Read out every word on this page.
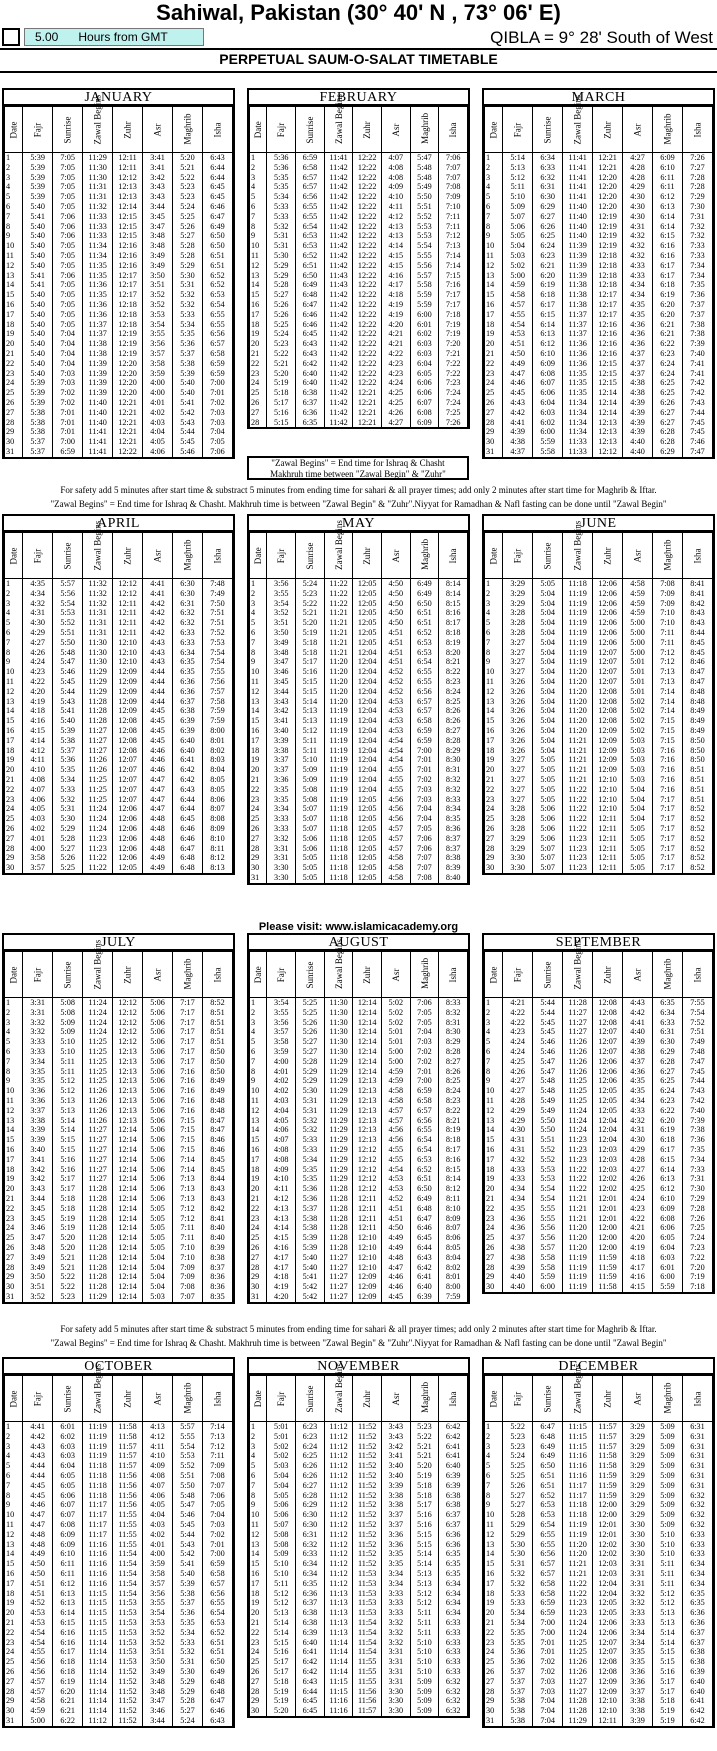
Sahiwal, Pakistan (30° 40' N , 73° 06' E)
5.00 Hours from GMT	QIBLA = 9° 28' South of West
PERPETUAL SAUM-O-SALAT TIMETABLE
JANUARY
Date	Fajr	Sunrise	Zawal Begins	Zuhr	Asr	Maghrib	Isha

1	5:39	7:05	11:29	12:11	3:41	5:20	6:43
2	5:39	7:05	11:30	12:11	3:41	5:21	6:44
3	5:39	7:05	11:30	12:12	3:42	5:22	6:44
4	5:39	7:05	11:31	12:13	3:43	5:23	6:45
5	5:39	7:05	11:31	12:13	3:43	5:23	6:45
6	5:40	7:05	11:32	12:14	3:44	5:24	6:46
7	5:41	7:06	11:33	12:15	3:45	5:25	6:47
8	5:40	7:06	11:33	12:15	3:47	5:26	6:49
9	5:40	7:06	11:33	12:15	3:48	5:27	6:50
10	5:40	7:05	11:34	12:16	3:48	5:28	6:50
11	5:40	7:05	11:34	12:16	3:49	5:28	6:51
12	5:40	7:05	11:35	12:16	3:49	5:29	6:51
13	5:41	7:06	11:35	12:17	3:50	5:30	6:52
14	5:41	7:05	11:36	12:17	3:51	5:31	6:52
15	5:40	7:05	11:35	12:17	3:52	5:32	6:53
16	5:40	7:05	11:36	12:18	3:52	5:32	6:54
17	5:40	7:05	11:36	12:18	3:53	5:33	6:55
18	5:40	7:05	11:37	12:18	3:54	5:34	6:55
19	5:40	7:04	11:37	12:19	3:55	5:35	6:56
20	5:40	7:04	11:38	12:19	3:56	5:36	6:57
21	5:40	7:04	11:38	12:19	3:57	5:37	6:58
22	5:40	7:04	11:39	12:20	3:58	5:38	6:59
23	5:40	7:03	11:39	12:20	3:59	5:39	6:59
24	5:39	7:03	11:39	12:20	4:00	5:40	7:00
25	5:39	7:02	11:39	12:20	4:00	5:40	7:01
26	5:39	7:02	11:40	12:21	4:01	5:41	7:02
27	5:38	7:01	11:40	12:21	4:02	5:42	7:03
28	5:38	7:01	11:40	12:21	4:03	5:43	7:03
29	5:38	7:01	11:41	12:21	4:04	5:44	7:04
30	5:37	7:00	11:41	12:21	4:05	5:45	7:05
31	5:37	6:59	11:41	12:22	4:06	5:46	7:06
FEBRUARY
Date	Fajr	Sunrise	Zawal Begins	Zuhr	Asr	Maghrib	Isha

1	5:36	6:59	11:41	12:22	4:07	5:47	7:06
2	5:36	6:58	11:42	12:22	4:08	5:48	7:07
3	5:35	6:57	11:42	12:22	4:08	5:48	7:07
4	5:35	6:57	11:42	12:22	4:09	5:49	7:08
5	5:34	6:56	11:42	12:22	4:10	5:50	7:09
6	5:33	6:55	11:42	12:22	4:11	5:51	7:10
7	5:33	6:55	11:42	12:22	4:12	5:52	7:11
8	5:32	6:54	11:42	12:22	4:13	5:53	7:11
9	5:31	6:53	11:42	12:22	4:13	5:53	7:12
10	5:31	6:53	11:42	12:22	4:14	5:54	7:13
11	5:30	6:52	11:42	12:22	4:15	5:55	7:14
12	5:29	6:51	11:42	12:22	4:15	5:56	7:14
13	5:29	6:50	11:43	12:22	4:16	5:57	7:15
14	5:28	6:49	11:43	12:22	4:17	5:58	7:16
15	5:27	6:48	11:42	12:22	4:18	5:59	7:17
16	5:26	6:47	11:42	12:22	4:19	5:59	7:17
17	5:26	6:46	11:42	12:22	4:19	6:00	7:18
18	5:25	6:46	11:42	12:22	4:20	6:01	7:19
19	5:24	6:45	11:42	12:22	4:21	6:02	7:19
20	5:23	6:43	11:42	12:22	4:21	6:03	7:20
21	5:22	6:43	11:42	12:22	4:22	6:03	7:21
22	5:21	6:42	11:42	12:22	4:23	6:04	7:22
23	5:20	6:40	11:42	12:22	4:23	6:05	7:22
24	5:19	6:40	11:42	12:22	4:24	6:06	7:23
25	5:18	6:38	11:42	12:21	4:25	6:06	7:24
26	5:17	6:37	11:42	12:21	4:25	6:07	7:24
27	5:16	6:36	11:42	12:21	4:26	6:08	7:25
28	5:15	6:35	11:42	12:21	4:27	6:09	7:26
MARCH
Date	Fajr	Sunrise	Zawal Begins	Zuhr	Asr	Maghrib	Isha

1	5:14	6:34	11:41	12:21	4:27	6:09	7:26
2	5:13	6:33	11:41	12:21	4:28	6:10	7:27
3	5:12	6:32	11:41	12:20	4:28	6:11	7:28
4	5:11	6:31	11:41	12:20	4:29	6:11	7:28
5	5:10	6:30	11:41	12:20	4:30	6:12	7:29
6	5:09	6:29	11:40	12:20	4:30	6:13	7:30
7	5:07	6:27	11:40	12:19	4:30	6:14	7:31
8	5:06	6:26	11:40	12:19	4:31	6:14	7:32
9	5:05	6:25	11:40	12:19	4:32	6:15	7:32
10	5:04	6:24	11:39	12:19	4:32	6:16	7:33
11	5:03	6:23	11:39	12:18	4:32	6:16	7:33
12	5:02	6:21	11:39	12:18	4:33	6:17	7:34
13	5:00	6:20	11:39	12:18	4:33	6:17	7:34
14	4:59	6:19	11:38	12:18	4:34	6:18	7:35
15	4:58	6:18	11:38	12:17	4:34	6:19	7:36
16	4:57	6:17	11:38	12:17	4:35	6:20	7:37
17	4:55	6:15	11:37	12:17	4:35	6:20	7:37
18	4:54	6:14	11:37	12:16	4:36	6:21	7:38
19	4:53	6:13	11:37	12:16	4:36	6:21	7:38
20	4:51	6:12	11:36	12:16	4:36	6:22	7:39
21	4:50	6:10	11:36	12:16	4:37	6:23	7:40
22	4:49	6:09	11:36	12:15	4:37	6:24	7:41
23	4:47	6:08	11:35	12:15	4:37	6:24	7:41
24	4:46	6:07	11:35	12:15	4:38	6:25	7:42
25	4:45	6:06	11:35	12:14	4:38	6:25	7:42
26	4:43	6:04	11:34	12:14	4:39	6:26	7:43
27	4:42	6:03	11:34	12:14	4:39	6:27	7:44
28	4:41	6:02	11:34	12:13	4:39	6:27	7:45
29	4:39	6:00	11:34	12:13	4:39	6:28	7:45
30	4:38	5:59	11:33	12:13	4:40	6:28	7:46
31	4:37	5:58	11:33	12:12	4:40	6:29	7:47
APRIL
Date	Fajr	Sunrise	Zawal Begins	Zuhr	Asr	Maghrib	Isha

1	4:35	5:57	11:32	12:12	4:41	6:30	7:48
2	4:34	5:56	11:32	12:12	4:41	6:30	7:49
3	4:32	5:54	11:32	12:11	4:42	6:31	7:50
4	4:31	5:53	11:31	12:11	4:42	6:32	7:51
5	4:30	5:52	11:31	12:11	4:42	6:32	7:51
6	4:29	5:51	11:31	12:11	4:42	6:33	7:52
7	4:27	5:50	11:30	12:10	4:43	6:33	7:53
8	4:26	5:48	11:30	12:10	4:43	6:34	7:54
9	4:24	5:47	11:30	12:10	4:43	6:35	7:54
10	4:23	5:46	11:29	12:09	4:44	6:35	7:55
11	4:22	5:45	11:29	12:09	4:44	6:36	7:56
12	4:20	5:44	11:29	12:09	4:44	6:36	7:57
13	4:19	5:43	11:28	12:09	4:44	6:37	7:58
14	4:18	5:41	11:28	12:09	4:45	6:38	7:59
15	4:16	5:40	11:28	12:08	4:45	6:39	7:59
16	4:15	5:39	11:27	12:08	4:45	6:39	8:00
17	4:14	5:38	11:27	12:08	4:45	6:40	8:01
18	4:12	5:37	11:27	12:08	4:46	6:40	8:02
19	4:11	5:36	11:26	12:07	4:46	6:41	8:03
20	4:10	5:35	11:26	12:07	4:46	6:42	8:04
21	4:08	5:34	11:25	12:07	4:47	6:42	8:05
22	4:07	5:33	11:25	12:07	4:47	6:43	8:05
23	4:06	5:32	11:25	12:07	4:47	6:44	8:06
24	4:05	5:31	11:24	12:06	4:47	6:44	8:07
25	4:03	5:30	11:24	12:06	4:48	6:45	8:08
26	4:02	5:29	11:24	12:06	4:48	6:46	8:09
27	4:01	5:28	11:23	12:06	4:48	6:46	8:10
28	4:00	5:27	11:23	12:06	4:48	6:47	8:11
29	3:58	5:26	11:22	12:06	4:49	6:48	8:12
30	3:57	5:25	11:22	12:05	4:49	6:48	8:13
MAY
Date	Fajr	Sunrise	Zawal Begins	Zuhr	Asr	Maghrib	Isha

1	3:56	5:24	11:22	12:05	4:50	6:49	8:14
2	3:55	5:23	11:22	12:05	4:50	6:49	8:14
3	3:54	5:22	11:22	12:05	4:50	6:50	8:15
4	3:52	5:21	11:21	12:05	4:50	6:51	8:16
5	3:51	5:20	11:21	12:05	4:50	6:51	8:17
6	3:50	5:19	11:21	12:05	4:51	6:52	8:18
7	3:49	5:18	11:21	12:05	4:51	6:53	8:19
8	3:48	5:18	11:21	12:04	4:51	6:53	8:20
9	3:47	5:17	11:20	12:04	4:51	6:54	8:21
10	3:46	5:16	11:20	12:04	4:52	6:55	8:22
11	3:45	5:15	11:20	12:04	4:52	6:55	8:23
12	3:44	5:15	11:20	12:04	4:52	6:56	8:24
13	3:43	5:14	11:20	12:04	4:53	6:57	8:25
14	3:42	5:13	11:19	12:04	4:53	6:57	8:26
15	3:41	5:13	11:19	12:04	4:53	6:58	8:26
16	3:40	5:12	11:19	12:04	4:53	6:59	8:27
17	3:39	5:11	11:19	12:04	4:54	6:59	8:28
18	3:38	5:11	11:19	12:04	4:54	7:00	8:29
19	3:37	5:10	11:19	12:04	4:54	7:01	8:30
20	3:37	5:09	11:19	12:04	4:55	7:01	8:31
21	3:36	5:09	11:19	12:04	4:55	7:02	8:32
22	3:35	5:08	11:19	12:04	4:55	7:03	8:32
23	3:35	5:08	11:19	12:05	4:56	7:03	8:33
24	3:34	5:07	11:19	12:05	4:56	7:04	8:34
25	3:33	5:07	11:18	12:05	4:56	7:04	8:35
26	3:33	5:07	11:18	12:05	4:57	7:05	8:36
27	3:32	5:06	11:18	12:05	4:57	7:06	8:37
28	3:31	5:06	11:18	12:05	4:57	7:06	8:37
29	3:31	5:05	11:18	12:05	4:58	7:07	8:38
30	3:30	5:05	11:18	12:05	4:58	7:07	8:39
31	3:30	5:05	11:18	12:05	4:58	7:08	8:40
JUNE
Date	Fajr	Sunrise	Zawal Begins	Zuhr	Asr	Maghrib	Isha

1	3:29	5:05	11:18	12:06	4:58	7:08	8:41
2	3:29	5:04	11:19	12:06	4:59	7:09	8:41
3	3:29	5:04	11:19	12:06	4:59	7:09	8:42
4	3:28	5:04	11:19	12:06	4:59	7:10	8:43
5	3:28	5:04	11:19	12:06	5:00	7:10	8:43
6	3:28	5:04	11:19	12:06	5:00	7:11	8:44
7	3:27	5:04	11:19	12:06	5:00	7:11	8:45
8	3:27	5:04	11:19	12:07	5:00	7:12	8:45
9	3:27	5:04	11:19	12:07	5:01	7:12	8:46
10	3:27	5:04	11:20	12:07	5:01	7:13	8:47
11	3:26	5:04	11:20	12:07	5:01	7:13	8:47
12	3:26	5:04	11:20	12:08	5:01	7:14	8:48
13	3:26	5:04	11:20	12:08	5:02	7:14	8:48
14	3:26	5:04	11:20	12:08	5:02	7:14	8:49
15	3:26	5:04	11:20	12:08	5:02	7:15	8:49
16	3:26	5:04	11:20	12:09	5:02	7:15	8:49
17	3:26	5:04	11:21	12:09	5:03	7:15	8:50
18	3:26	5:04	11:21	12:09	5:03	7:16	8:50
19	3:27	5:05	11:21	12:09	5:03	7:16	8:50
20	3:27	5:05	11:21	12:09	5:03	7:16	8:51
21	3:27	5:05	11:21	12:10	5:03	7:16	8:51
22	3:27	5:05	11:22	12:10	5:04	7:16	8:51
23	3:27	5:05	11:22	12:10	5:04	7:17	8:51
24	3:28	5:06	11:22	12:10	5:04	7:17	8:52
25	3:28	5:06	11:22	12:11	5:04	7:17	8:52
26	3:28	5:06	11:22	12:11	5:05	7:17	8:52
27	3:29	5:06	11:23	12:11	5:05	7:17	8:52
28	3:29	5:07	11:23	12:11	5:05	7:17	8:52
29	3:30	5:07	11:23	12:11	5:05	7:17	8:52
30	3:30	5:07	11:23	12:11	5:05	7:17	8:52
JULY
Date	Fajr	Sunrise	Zawal Begins	Zuhr	Asr	Maghrib	Isha

1	3:31	5:08	11:24	12:12	5:06	7:17	8:52
2	3:31	5:08	11:24	12:12	5:06	7:17	8:51
3	3:32	5:09	11:24	12:12	5:06	7:17	8:51
4	3:32	5:09	11:24	12:12	5:06	7:17	8:51
5	3:33	5:10	11:25	12:12	5:06	7:17	8:51
6	3:33	5:10	11:25	12:13	5:06	7:17	8:50
7	3:34	5:11	11:25	12:13	5:06	7:17	8:50
8	3:35	5:11	11:25	12:13	5:06	7:16	8:50
9	3:35	5:12	11:25	12:13	5:06	7:16	8:49
10	3:36	5:12	11:26	12:13	5:06	7:16	8:49
11	3:36	5:13	11:26	12:13	5:06	7:16	8:48
12	3:37	5:13	11:26	12:13	5:06	7:16	8:48
13	3:38	5:14	11:26	12:13	5:06	7:15	8:47
14	3:39	5:14	11:27	12:14	5:06	7:15	8:47
15	3:39	5:15	11:27	12:14	5:06	7:15	8:46
16	3:40	5:15	11:27	12:14	5:06	7:15	8:46
17	3:41	5:16	11:27	12:14	5:06	7:14	8:45
18	3:42	5:16	11:27	12:14	5:06	7:14	8:45
19	3:42	5:17	11:27	12:14	5:06	7:13	8:44
20	3:43	5:17	11:28	12:14	5:06	7:13	8:43
21	3:44	5:18	11:28	12:14	5:06	7:13	8:43
22	3:45	5:18	11:28	12:14	5:05	7:12	8:42
23	3:45	5:19	11:28	12:14	5:05	7:12	8:41
24	3:46	5:19	11:28	12:14	5:05	7:11	8:40
25	3:47	5:20	11:28	12:14	5:05	7:11	8:40
26	3:48	5:20	11:28	12:14	5:05	7:10	8:39
27	3:49	5:21	11:28	12:14	5:04	7:10	8:38
28	3:49	5:21	11:28	12:14	5:04	7:09	8:37
29	3:50	5:22	11:28	12:14	5:04	7:09	8:36
30	3:51	5:22	11:28	12:14	5:04	7:08	8:36
31	3:52	5:23	11:29	12:14	5:03	7:07	8:35
AUGUST
Date	Fajr	Sunrise	Zawal Begins	Zuhr	Asr	Maghrib	Isha

1	3:54	5:25	11:30	12:14	5:02	7:06	8:33
2	3:55	5:25	11:30	12:14	5:02	7:05	8:32
3	3:56	5:26	11:30	12:14	5:02	7:05	8:31
4	3:57	5:26	11:30	12:14	5:01	7:04	8:30
5	3:58	5:27	11:30	12:14	5:01	7:03	8:29
6	3:59	5:27	11:30	12:14	5:00	7:02	8:28
7	4:00	5:28	11:29	12:14	5:00	7:02	8:27
8	4:01	5:29	11:29	12:14	4:59	7:01	8:26
9	4:02	5:29	11:29	12:13	4:59	7:00	8:25
10	4:02	5:30	11:29	12:13	4:58	6:59	8:24
11	4:03	5:31	11:29	12:13	4:58	6:58	8:23
12	4:04	5:31	11:29	12:13	4:57	6:57	8:22
13	4:05	5:32	11:29	12:13	4:57	6:56	8:21
14	4:06	5:32	11:29	12:13	4:56	6:55	8:19
15	4:07	5:33	11:29	12:13	4:56	6:54	8:18
16	4:08	5:33	11:29	12:12	4:55	6:54	8:17
17	4:08	5:34	11:29	12:12	4:55	6:53	8:16
18	4:09	5:35	11:29	12:12	4:54	6:52	8:15
19	4:10	5:35	11:29	12:12	4:53	6:51	8:14
20	4:11	5:36	11:28	12:12	4:53	6:50	8:12
21	4:12	5:36	11:28	12:11	4:52	6:49	8:11
22	4:13	5:37	11:28	12:11	4:51	6:48	8:10
23	4:13	5:38	11:28	12:11	4:51	6:47	8:09
24	4:14	5:38	11:28	12:11	4:50	6:46	8:07
25	4:15	5:39	11:28	12:10	4:49	6:45	8:06
26	4:16	5:39	11:28	12:10	4:49	6:44	8:05
27	4:17	5:40	11:27	12:10	4:48	6:43	8:04
28	4:17	5:40	11:27	12:10	4:47	6:42	8:02
29	4:18	5:41	11:27	12:09	4:46	6:41	8:01
30	4:19	5:42	11:27	12:09	4:46	6:40	8:00
31	4:20	5:42	11:27	12:09	4:45	6:39	7:59
SEPTEMBER
Date	Fajr	Sunrise	Zawal Begins	Zuhr	Asr	Maghrib	Isha

1	4:21	5:44	11:28	12:08	4:43	6:35	7:55
2	4:22	5:44	11:27	12:08	4:42	6:34	7:54
3	4:22	5:45	11:27	12:08	4:41	6:33	7:52
4	4:23	5:45	11:27	12:07	4:40	6:31	7:51
5	4:24	5:46	11:26	12:07	4:39	6:30	7:49
6	4:24	5:46	11:26	12:07	4:38	6:29	7:48
7	4:25	5:47	11:26	12:06	4:37	6:28	7:47
8	4:26	5:47	11:26	12:06	4:36	6:27	7:45
9	4:27	5:48	11:25	12:06	4:35	6:25	7:44
10	4:27	5:48	11:25	12:05	4:35	6:24	7:43
11	4:28	5:49	11:25	12:05	4:34	6:23	7:42
12	4:29	5:49	11:24	12:05	4:33	6:22	7:40
13	4:29	5:50	11:24	12:04	4:32	6:20	7:39
14	4:30	5:50	11:24	12:04	4:31	6:19	7:38
15	4:31	5:51	11:23	12:04	4:30	6:18	7:36
16	4:31	5:52	11:23	12:03	4:29	6:17	7:35
17	4:32	5:52	11:23	12:03	4:28	6:15	7:34
18	4:33	5:53	11:22	12:03	4:27	6:14	7:33
19	4:33	5:53	11:22	12:02	4:26	6:13	7:31
20	4:34	5:54	11:22	12:02	4:25	6:12	7:30
21	4:34	5:54	11:21	12:01	4:24	6:10	7:29
22	4:35	5:55	11:21	12:01	4:23	6:09	7:28
23	4:36	5:55	11:21	12:01	4:22	6:08	7:26
24	4:36	5:56	11:20	12:00	4:21	6:06	7:25
25	4:37	5:56	11:20	12:00	4:20	6:05	7:24
26	4:38	5:57	11:20	12:00	4:19	6:04	7:23
27	4:38	5:58	11:19	11:59	4:18	6:03	7:22
28	4:39	5:58	11:19	11:59	4:17	6:01	7:20
29	4:40	5:59	11:19	11:59	4:16	6:00	7:19
30	4:40	6:00	11:19	11:58	4:15	5:59	7:18
OCTOBER
Date	Fajr	Sunrise	Zawal Begins	Zuhr	Asr	Maghrib	Isha

1	4:41	6:01	11:19	11:58	4:13	5:57	7:14
2	4:42	6:02	11:19	11:58	4:12	5:55	7:13
3	4:43	6:03	11:19	11:57	4:11	5:54	7:12
4	4:43	6:03	11:19	11:57	4:10	5:53	7:11
5	4:44	6:04	11:18	11:57	4:09	5:52	7:09
6	4:44	6:05	11:18	11:56	4:08	5:51	7:08
7	4:45	6:05	11:18	11:56	4:07	5:50	7:07
8	4:45	6:06	11:18	11:56	4:06	5:48	7:06
9	4:46	6:07	11:17	11:56	4:05	5:47	7:05
10	4:47	6:07	11:17	11:55	4:04	5:46	7:04
11	4:47	6:08	11:17	11:55	4:03	5:45	7:03
12	4:48	6:09	11:17	11:55	4:02	5:44	7:02
13	4:48	6:09	11:16	11:55	4:01	5:43	7:01
14	4:49	6:10	11:16	11:54	4:00	5:42	7:00
15	4:50	6:11	11:16	11:54	3:59	5:41	6:59
16	4:50	6:11	11:16	11:54	3:58	5:40	6:58
17	4:51	6:12	11:16	11:54	3:57	5:39	6:57
18	4:51	6:13	11:15	11:54	3:56	5:38	6:56
19	4:52	6:13	11:15	11:53	3:55	5:37	6:55
20	4:53	6:14	11:15	11:53	3:54	5:36	6:54
21	4:53	6:15	11:15	11:53	3:53	5:35	6:53
22	4:54	6:16	11:15	11:53	3:52	5:34	6:52
23	4:54	6:16	11:14	11:53	3:52	5:33	6:51
24	4:55	6:17	11:14	11:53	3:51	5:32	6:51
25	4:56	6:18	11:14	11:53	3:50	5:31	6:50
26	4:56	6:18	11:14	11:52	3:49	5:30	6:49
27	4:57	6:19	11:14	11:52	3:48	5:29	6:48
28	4:57	6:20	11:14	11:52	3:48	5:29	6:48
29	4:58	6:21	11:14	11:52	3:47	5:28	6:47
30	4:59	6:21	11:14	11:52	3:46	5:27	6:46
31	5:00	6:22	11:12	11:52	3:44	5:24	6:43
NOVEMBER
Date	Fajr	Sunrise	Zawal Begins	Zuhr	Asr	Maghrib	Isha

1	5:01	6:23	11:12	11:52	3:43	5:23	6:42
2	5:01	6:23	11:12	11:52	3:43	5:22	6:42
3	5:02	6:24	11:12	11:52	3:42	5:21	6:41
4	5:02	6:25	11:12	11:52	3:41	5:21	6:41
5	5:03	6:26	11:12	11:52	3:40	5:20	6:40
6	5:04	6:26	11:12	11:52	3:40	5:19	6:39
7	5:04	6:27	11:12	11:52	3:39	5:18	6:39
8	5:05	6:28	11:12	11:52	3:38	5:18	6:38
9	5:06	6:29	11:12	11:52	3:38	5:17	6:38
10	5:06	6:30	11:12	11:52	3:37	5:16	6:37
11	5:07	6:30	11:12	11:52	3:37	5:16	6:37
12	5:08	6:31	11:12	11:52	3:36	5:15	6:36
13	5:08	6:32	11:12	11:52	3:36	5:15	6:36
14	5:09	6:33	11:12	11:52	3:35	5:14	6:35
15	5:10	6:34	11:12	11:52	3:35	5:14	6:35
16	5:10	6:34	11:12	11:53	3:34	5:13	6:35
17	5:11	6:35	11:12	11:53	3:34	5:13	6:34
18	5:12	6:36	11:13	11:53	3:33	5:12	6:34
19	5:12	6:37	11:13	11:53	3:33	5:12	6:34
20	5:13	6:38	11:13	11:53	3:33	5:11	6:34
21	5:14	6:38	11:13	11:54	3:32	5:11	6:33
22	5:14	6:39	11:13	11:54	3:32	5:11	6:33
23	5:15	6:40	11:14	11:54	3:32	5:10	6:33
24	5:16	6:41	11:14	11:54	3:31	5:10	6:33
25	5:17	6:42	11:14	11:55	3:31	5:10	6:33
26	5:17	6:42	11:14	11:55	3:31	5:10	6:33
27	5:18	6:43	11:15	11:55	3:31	5:09	6:32
28	5:19	6:44	11:15	11:56	3:30	5:09	6:32
29	5:19	6:45	11:16	11:56	3:30	5:09	6:32
30	5:20	6:45	11:16	11:57	3:30	5:09	6:32
DECEMBER
Date	Fajr	Sunrise	Zawal Begins	Zuhr	Asr	Maghrib	Isha

1	5:22	6:47	11:15	11:57	3:29	5:09	6:31
2	5:23	6:48	11:15	11:57	3:29	5:09	6:31
3	5:23	6:49	11:15	11:57	3:29	5:09	6:31
4	5:24	6:49	11:16	11:58	3:29	5:09	6:31
5	5:25	6:50	11:16	11:58	3:29	5:09	6:31
6	5:25	6:51	11:16	11:59	3:29	5:09	6:31
7	5:26	6:51	11:17	11:59	3:29	5:09	6:31
8	5:27	6:52	11:17	11:59	3:29	5:09	6:32
9	5:27	6:53	11:18	12:00	3:29	5:09	6:32
10	5:28	6:53	11:18	12:00	3:29	5:09	6:32
11	5:29	6:54	11:19	12:01	3:30	5:09	6:32
12	5:29	6:55	11:19	12:01	3:30	5:10	6:33
13	5:30	6:55	11:20	12:02	3:30	5:10	6:33
14	5:30	6:56	11:20	12:02	3:30	5:10	6:33
15	5:31	6:57	11:21	12:03	3:31	5:11	6:34
16	5:32	6:57	11:21	12:03	3:31	5:11	6:34
17	5:32	6:58	11:22	12:04	3:31	5:11	6:34
18	5:33	6:58	11:22	12:04	3:32	5:12	6:35
19	5:33	6:59	11:23	12:05	3:32	5:12	6:35
20	5:34	6:59	11:23	12:05	3:33	5:13	6:36
21	5:34	7:00	11:24	12:06	3:33	5:13	6:36
22	5:35	7:00	11:24	12:06	3:34	5:14	6:37
23	5:35	7:01	11:25	12:07	3:34	5:14	6:37
24	5:36	7:01	11:25	12:07	3:35	5:15	6:38
25	5:36	7:02	11:26	12:08	3:35	5:15	6:38
26	5:37	7:02	11:26	12:08	3:36	5:16	6:39
27	5:37	7:03	11:27	12:09	3:36	5:17	6:40
28	5:37	7:03	11:27	12:09	3:37	5:17	6:40
29	5:38	7:04	11:28	12:10	3:38	5:18	6:41
30	5:38	7:04	11:28	12:10	3:38	5:19	6:42
31	5:38	7:04	11:29	12:11	3:39	5:19	6:42
For safety add 5 minutes after start time & substract 5 minutes from ending time for sahari & all prayer times; add only 2 minutes after start time for Maghrib & Iftar.
"Zawal Begins" = End time for Ishraq & Chasht. Makhruh time is between "Zawal Begin" & "Zuhr".Niyyat for Ramadhan & Nafl fasting can be done until "Zawal Begin"
Please visit: www.islamicacademy.org
For safety add 5 minutes after start time & substract 5 minutes from ending time for sahari & all prayer times; add only 2 minutes after start time for Maghrib & Iftar.
"Zawal Begins" = End time for Ishraq & Chasht. Makhruh time is between "Zawal Begin" & "Zuhr".Niyyat for Ramadhan & Nafl fasting can be done until "Zawal Begin"
"Zawal Begins" = End time for Ishraq & Chasht
Makhruh time between "Zawal Begin" & "Zuhr"
